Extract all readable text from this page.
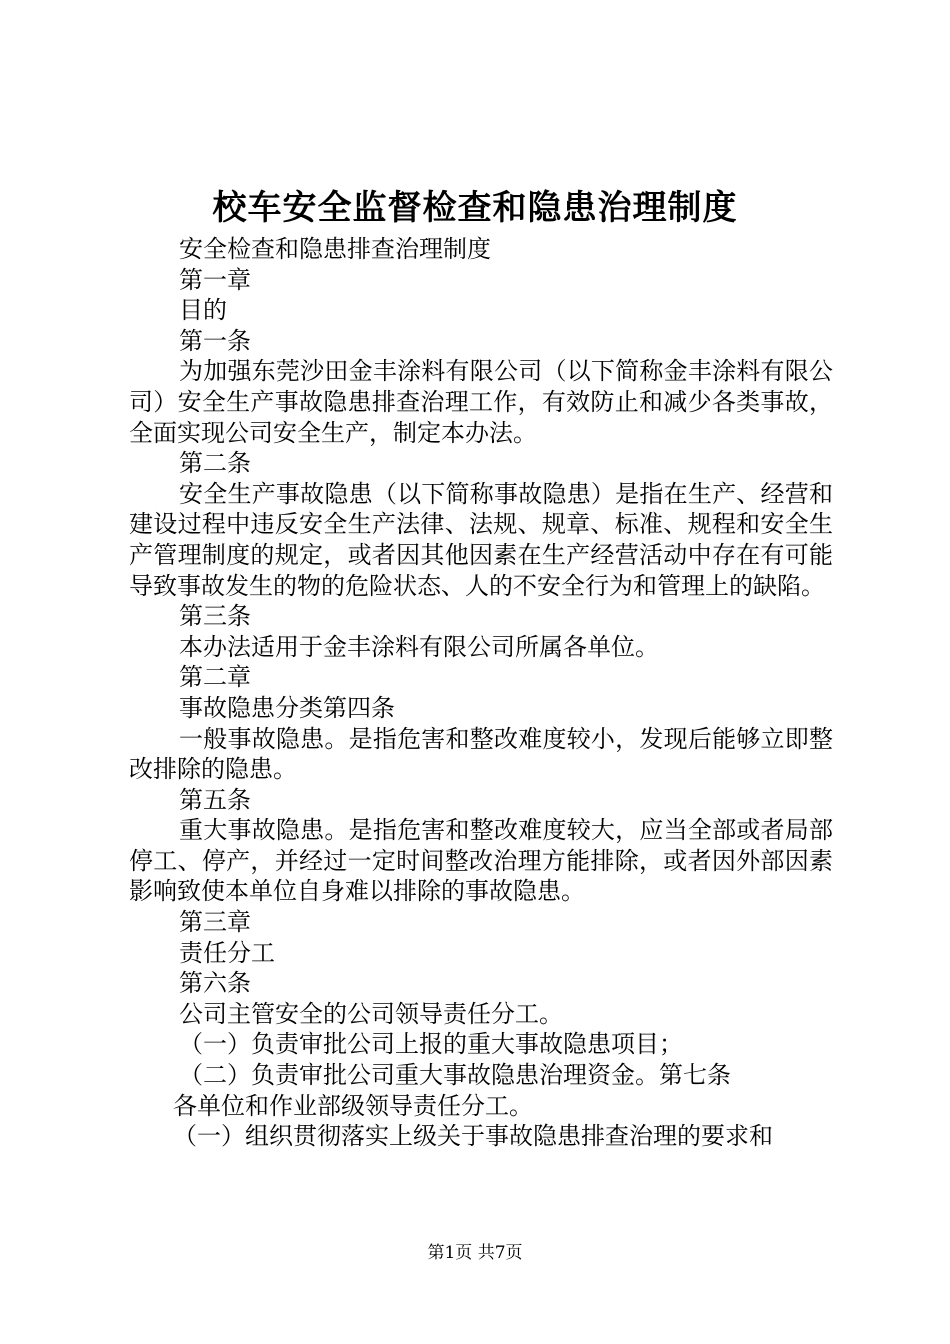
校车安全监督检查和隐患治理制度

安全检查和隐患排查治理制度

第一章

目的

第一条

为加强东莞沙田金丰涂料有限公司（以下简称金丰涂料有限公司）安全生产事故隐患排查治理工作，有效防止和减少各类事故，全面实现公司安全生产，制定本办法。

第二条

安全生产事故隐患（以下简称事故隐患）是指在生产、经营和建设过程中违反安全生产法律、法规、规章、标准、规程和安全生产管理制度的规定，或者因其他因素在生产经营活动中存在有可能导致事故发生的物的危险状态、人的不安全行为和管理上的缺陷。

第三条

本办法适用于金丰涂料有限公司所属各单位。

第二章

事故隐患分类第四条

一般事故隐患。是指危害和整改难度较小，发现后能够立即整改排除的隐患。

第五条

重大事故隐患。是指危害和整改难度较大，应当全部或者局部停工、停产，并经过一定时间整改治理方能排除，或者因外部因素影响致使本单位自身难以排除的事故隐患。

第三章

责任分工

第六条

公司主管安全的公司领导责任分工。

（一）负责审批公司上报的重大事故隐患项目；

（二）负责审批公司重大事故隐患治理资金。第七条

各单位和作业部级领导责任分工。

（一）组织贯彻落实上级关于事故隐患排查治理的要求和

第1页 共7页
